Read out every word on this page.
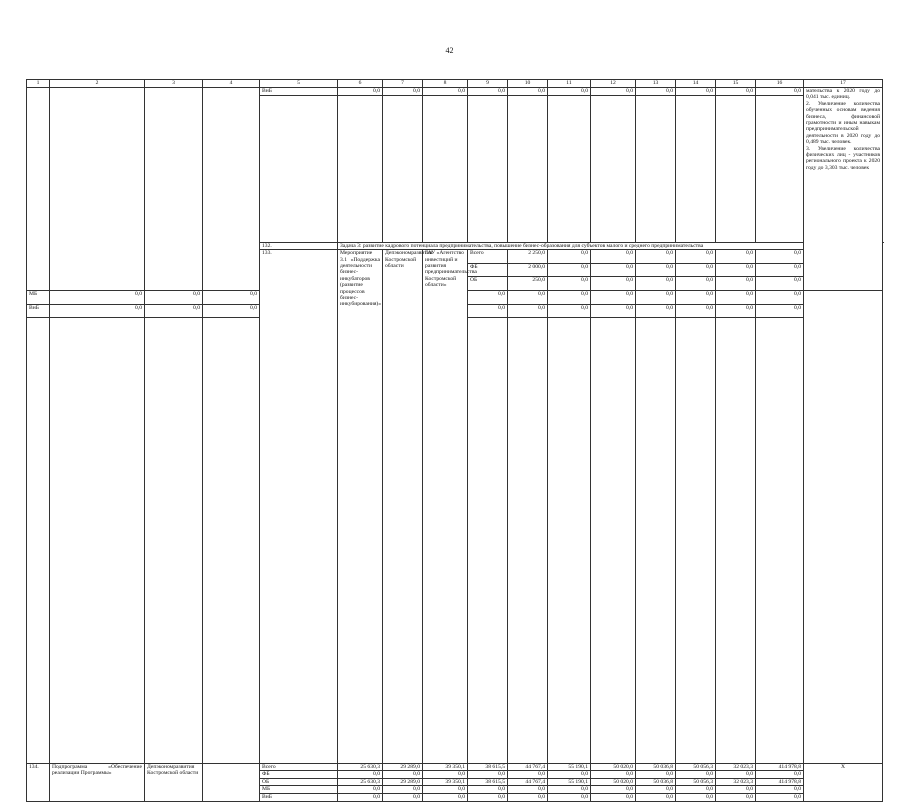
42
1	2	3	4	5	6	7	8	9	10	11	12	13	14	15	16	17	
				ВнБ	0,0	0,0	0,0	0,0	0,0	0,0	0,0	0,0	0,0	0,0	0,0	мательства к 2020 году до 0,041 тыс. единиц.
2. Увеличение количества обученных основам ведения бизнеса, финансовой грамотности и иным навыкам предпринимательской деятельности в 2020 году до 0,489 тыс. человек.
3. Увеличение количества физических лиц - участников регионального проекта к 2020 году до 3,303 тыс. человек	

				132.	Задача 3: развитие кадрового потенциала предпринимательства, повышение бизнес-образования для субъектов малого и среднего предпринимательства												
				133.	Мероприятие 3.1 «Поддержка деятельности бизнес-инкубаторов (развитие процессов бизнес-инкубирования)»	Депэкономразвития Костромской области	ГАУ «Агентство инвестиций и развития предпринимательства Костромской области»	Всего	2 250,0	0,0	0,0	0,0	0,0	0,0	0,0					
								ФБ	2 000,0	0,0	0,0	0,0	0,0	0,0	0,0				
								ОБ	250,0	0,0	0,0	0,0	0,0	0,0	0,0				
МБ	0,0	0,0	0,0					0,0	0,0	0,0	0,0	0,0	0,0	0,0	0,0		
ВнБ	0,0	0,0	0,0					0,0	0,0	0,0	0,0	0,0	0,0	0,0	0,0		

134.	Подпрограмма «Обеспечение реализации Программы»	Депэкономразвития Костромской области		Всего	25 630,3	29 289,0	39 350,1	38 615,5	44 767,4	55 190,1	50 020,0	50 036,8	50 056,3	32 023,3	414 978,8	Х	
				ФБ	0,0	0,0	0,0	0,0	0,0	0,0	0,0	0,0	0,0	0,0	0,0		
				ОБ	25 630,3	29 289,0	39 350,1	38 615,5	44 767,4	55 190,1	50 020,0	50 036,8	50 056,3	32 023,3	414 978,8		
				МБ	0,0	0,0	0,0	0,0	0,0	0,0	0,0	0,0	0,0	0,0	0,0		
				ВнБ	0,0	0,0	0,0	0,0	0,0	0,0	0,0	0,0	0,0	0,0	0,0		
